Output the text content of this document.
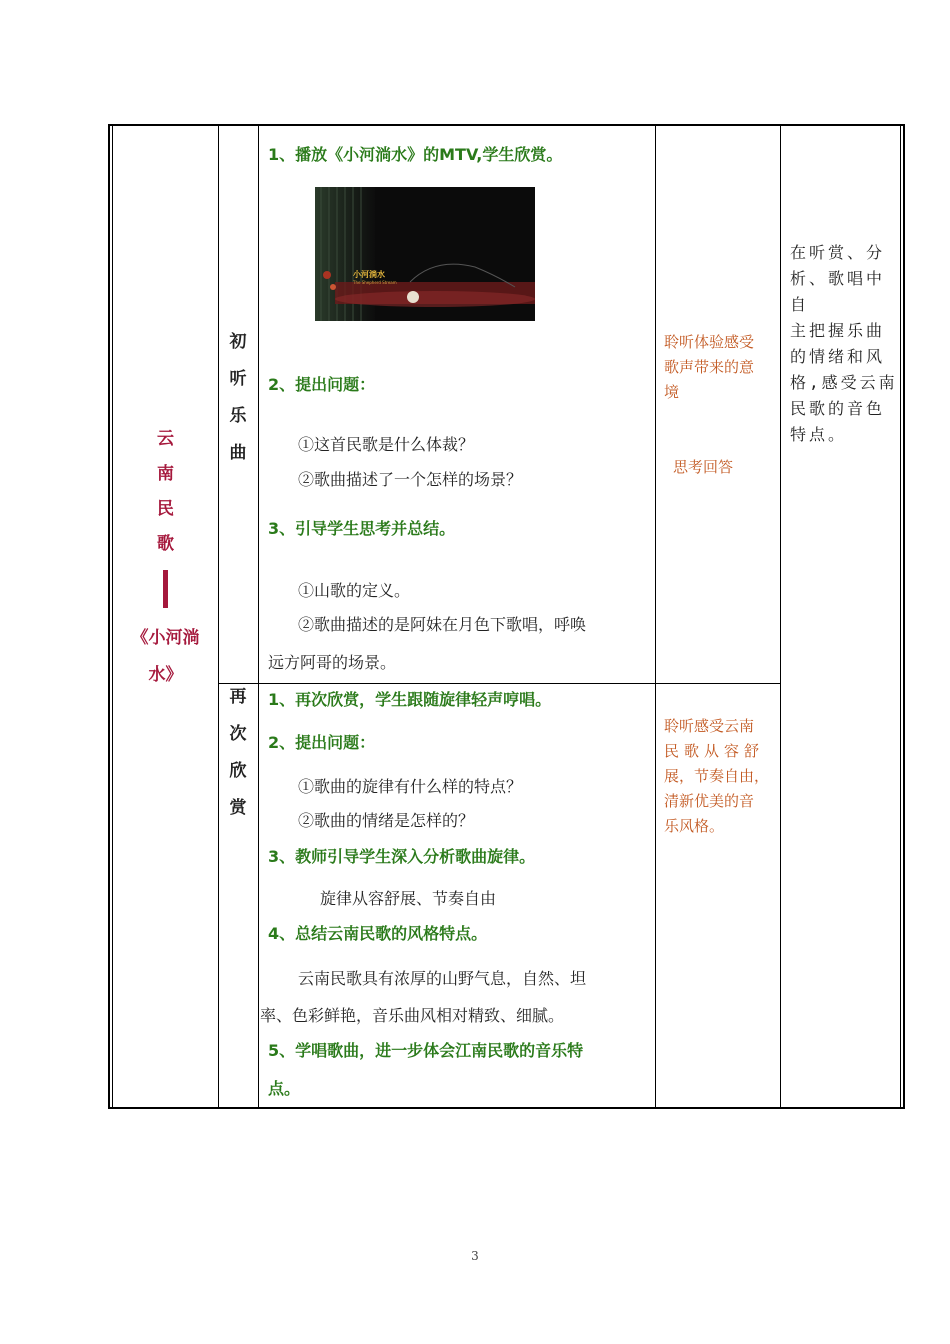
云
南
民
歌
《小河淌
水》
初
听
乐
曲
1、播放《小河淌水》的MTV,学生欣赏。
小河淌水
The Shepherd Stream
2、提出问题：
①这首民歌是什么体裁？
②歌曲描述了一个怎样的场景？
3、引导学生思考并总结。
①山歌的定义。
②歌曲描述的是阿妹在月色下歌唱，呼唤
远方阿哥的场景。
聆听体验感受
歌声带来的意
境
思考回答
在听赏、分
析、歌唱中自
主把握乐曲
的情绪和风
格,感受云南
民歌的音色
特点。
再
次
欣
赏
1、再次欣赏，学生跟随旋律轻声哼唱。
2、提出问题：
①歌曲的旋律有什么样的特点？
②歌曲的情绪是怎样的？
3、教师引导学生深入分析歌曲旋律。
旋律从容舒展、节奏自由
4、总结云南民歌的风格特点。
云南民歌具有浓厚的山野气息，自然、坦
率、色彩鲜艳，音乐曲风相对精致、细腻。
5、学唱歌曲，进一步体会江南民歌的音乐特
点。
聆听感受云南
民歌从容舒
展，节奏自由，
清新优美的音
乐风格。
3
